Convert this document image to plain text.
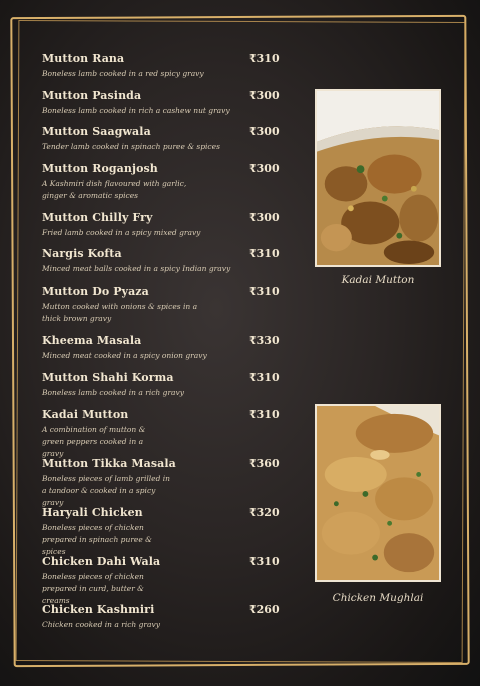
Mutton Rana	₹310
Boneless lamb cooked in a red spicy gravy
Mutton Pasinda	₹300
Boneless lamb cooked in rich a cashew nut gravy
Mutton Saagwala	₹300
Tender lamb cooked in spinach puree & spices
Mutton Roganjosh	₹300
A Kashmiri dish flavoured with garlic, ginger & aromatic spices
Mutton Chilly Fry	₹300
Fried lamb cooked in a spicy mixed gravy
Nargis Kofta	₹310
Minced meat balls cooked in a spicy Indian gravy
Mutton Do Pyaza	₹310
Mutton cooked with onions & spices in a thick brown gravy
Kheema Masala	₹330
Minced meat cooked in a spicy onion gravy
Mutton Shahi Korma	₹310
Boneless lamb cooked in a rich gravy
Kadai Mutton	₹310
A combination of mutton & green peppers cooked in a gravy
Mutton Tikka Masala	₹360
Boneless pieces of lamb grilled in a tandoor & cooked in a spicy gravy
Haryali Chicken	₹320
Boneless pieces of chicken prepared in spinach puree & spices
Chicken Dahi Wala	₹310
Boneless pieces of chicken prepared in curd, butter & creams
Chicken Kashmiri	₹260
Chicken cooked in a rich gravy
Kadai Mutton
Chicken Mughlai
